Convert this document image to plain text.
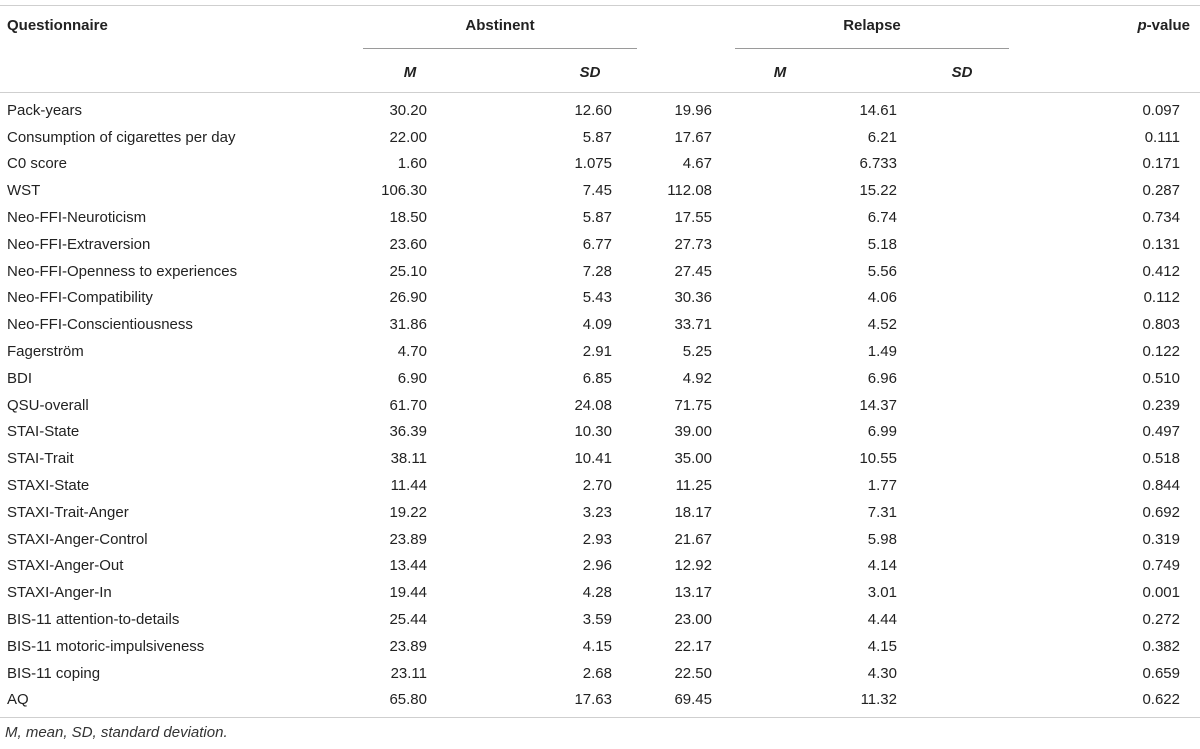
Questionnaire	Abstinent	Relapse	p-value
M	SD	M	SD
	Pack-years	30.20	12.60	19.96	14.61		0.097
	Consumption of cigarettes per day	22.00	5.87	17.67	6.21		0.111
	C0 score	1.60	1.075	4.67	6.733		0.171
	WST	106.30	7.45	112.08	15.22		0.287
	Neo-FFI-Neuroticism	18.50	5.87	17.55	6.74		0.734
	Neo-FFI-Extraversion	23.60	6.77	27.73	5.18		0.131
	Neo-FFI-Openness to experiences	25.10	7.28	27.45	5.56		0.412
	Neo-FFI-Compatibility	26.90	5.43	30.36	4.06		0.112
	Neo-FFI-Conscientiousness	31.86	4.09	33.71	4.52		0.803
	Fagerström	4.70	2.91	5.25	1.49		0.122
	BDI	6.90	6.85	4.92	6.96		0.510
	QSU-overall	61.70	24.08	71.75	14.37		0.239
	STAI-State	36.39	10.30	39.00	6.99		0.497
	STAI-Trait	38.11	10.41	35.00	10.55		0.518
	STAXI-State	11.44	2.70	11.25	1.77		0.844
	STAXI-Trait-Anger	19.22	3.23	18.17	7.31		0.692
	STAXI-Anger-Control	23.89	2.93	21.67	5.98		0.319
	STAXI-Anger-Out	13.44	2.96	12.92	4.14		0.749
	STAXI-Anger-In	19.44	4.28	13.17	3.01		0.001
	BIS-11 attention-to-details	25.44	3.59	23.00	4.44		0.272
	BIS-11 motoric-impulsiveness	23.89	4.15	22.17	4.15		0.382
	BIS-11 coping	23.11	2.68	22.50	4.30		0.659
	AQ	65.80	17.63	69.45	11.32		0.622
M, mean, SD, standard deviation.
